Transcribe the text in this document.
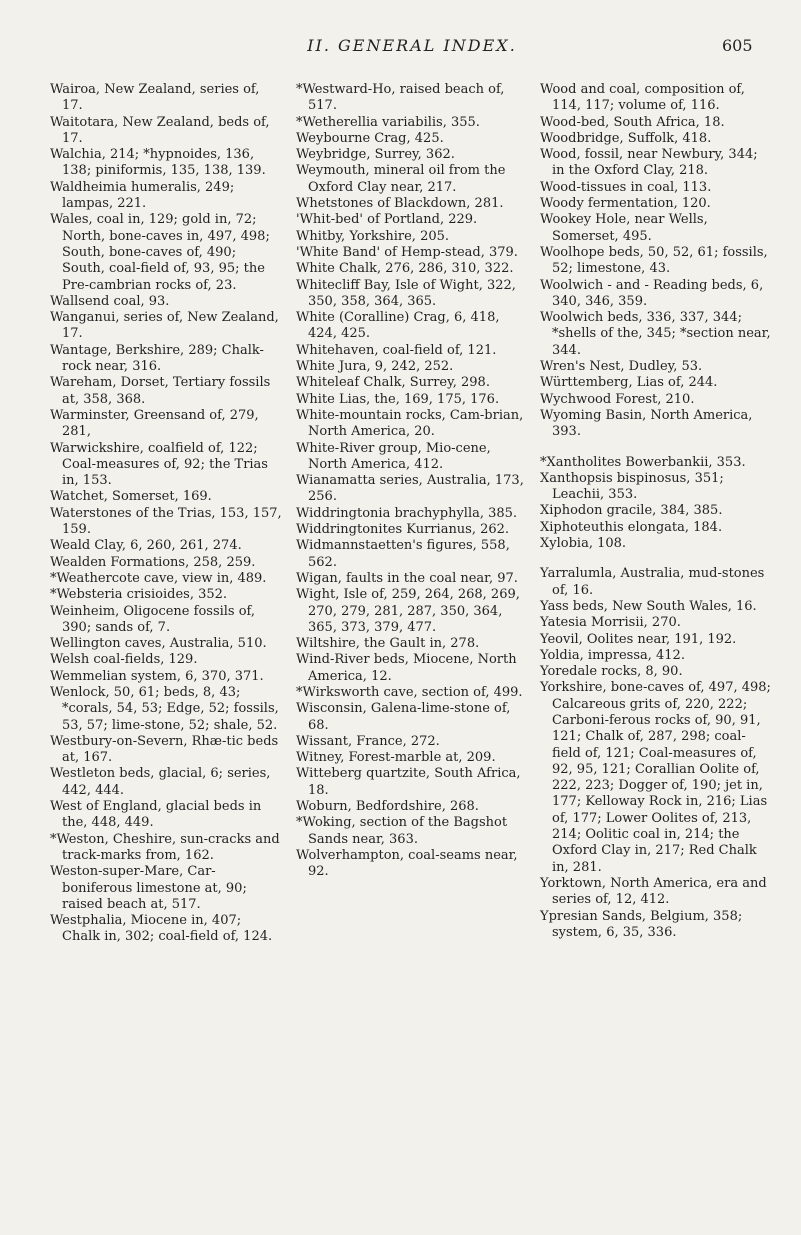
II. GENERAL INDEX.	605

Wairoa, New Zealand, series of, 17.

Waitotara, New Zealand, beds of, 17.

Walchia, 214; *hypnoides, 136, 138; piniformis, 135, 138, 139.

Waldheimia humeralis, 249; lampas, 221.

Wales, coal in, 129; gold in, 72; North, bone-caves in, 497, 498; South, bone-caves of, 490; South, coal-field of, 93, 95; the Pre-cambrian rocks of, 23.

Wallsend coal, 93.

Wanganui, series of, New Zealand, 17.

Wantage, Berkshire, 289; Chalk-rock near, 316.

Wareham, Dorset, Tertiary fossils at, 358, 368.

Warminster, Greensand of, 279, 281,

Warwickshire, coalfield of, 122; Coal-measures of, 92; the Trias in, 153.

Watchet, Somerset, 169.

Waterstones of the Trias, 153, 157, 159.

Weald Clay, 6, 260, 261, 274.

Wealden Formations, 258, 259.

*Weathercote cave, view in, 489.

*Websteria crisioides, 352.

Weinheim, Oligocene fossils of, 390; sands of, 7.

Wellington caves, Australia, 510.

Welsh coal-fields, 129.

Wemmelian system, 6, 370, 371.

Wenlock, 50, 61; beds, 8, 43; *corals, 54, 53; Edge, 52; fossils, 53, 57; lime-stone, 52; shale, 52.

Westbury-on-Severn, Rhæ-tic beds at, 167.

Westleton beds, glacial, 6; series, 442, 444.

West of England, glacial beds in the, 448, 449.

*Weston, Cheshire, sun-cracks and track-marks from, 162.

Weston-super-Mare, Car-boniferous limestone at, 90; raised beach at, 517.

Westphalia, Miocene in, 407; Chalk in, 302; coal-field of, 124.

*Westward-Ho, raised beach of, 517.

*Wetherellia variabilis, 355.

Weybourne Crag, 425.

Weybridge, Surrey, 362.

Weymouth, mineral oil from the Oxford Clay near, 217.

Whetstones of Blackdown, 281.

'Whit-bed' of Portland, 229.

Whitby, Yorkshire, 205.

'White Band' of Hemp-stead, 379.

White Chalk, 276, 286, 310, 322.

Whitecliff Bay, Isle of Wight, 322, 350, 358, 364, 365.

White (Coralline) Crag, 6, 418, 424, 425.

Whitehaven, coal-field of, 121.

White Jura, 9, 242, 252.

Whiteleaf Chalk, Surrey, 298.

White Lias, the, 169, 175, 176.

White-mountain rocks, Cam-brian, North America, 20.

White-River group, Mio-cene, North America, 412.

Wianamatta series, Australia, 173, 256.

Widdringtonia brachyphylla, 385.

Widdringtonites Kurrianus, 262.

Widmannstaetten's figures, 558, 562.

Wigan, faults in the coal near, 97.

Wight, Isle of, 259, 264, 268, 269, 270, 279, 281, 287, 350, 364, 365, 373, 379, 477.

Wiltshire, the Gault in, 278.

Wind-River beds, Miocene, North America, 12.

*Wirksworth cave, section of, 499.

Wisconsin, Galena-lime-stone of, 68.

Wissant, France, 272.

Witney, Forest-marble at, 209.

Witteberg quartzite, South Africa, 18.

Woburn, Bedfordshire, 268.

*Woking, section of the Bagshot Sands near, 363.

Wolverhampton, coal-seams near, 92.

Wood and coal, composition of, 114, 117; volume of, 116.

Wood-bed, South Africa, 18.

Woodbridge, Suffolk, 418.

Wood, fossil, near Newbury, 344; in the Oxford Clay, 218.

Wood-tissues in coal, 113.

Woody fermentation, 120.

Wookey Hole, near Wells, Somerset, 495.

Woolhope beds, 50, 52, 61; fossils, 52; limestone, 43.

Woolwich - and - Reading beds, 6, 340, 346, 359.

Woolwich beds, 336, 337, 344; *shells of the, 345; *section near, 344.

Wren's Nest, Dudley, 53.

Württemberg, Lias of, 244.

Wychwood Forest, 210.

Wyoming Basin, North America, 393.

*Xantholites Bowerbankii, 353.

Xanthopsis bispinosus, 351; Leachii, 353.

Xiphodon gracile, 384, 385.

Xiphoteuthis elongata, 184.

Xylobia, 108.

Yarralumla, Australia, mud-stones of, 16.

Yass beds, New South Wales, 16.

Yatesia Morrisii, 270.

Yeovil, Oolites near, 191, 192.

Yoldia, impressa, 412.

Yoredale rocks, 8, 90.

Yorkshire, bone-caves of, 497, 498; Calcareous grits of, 220, 222; Carboni-ferous rocks of, 90, 91, 121; Chalk of, 287, 298; coal-field of, 121; Coal-measures of, 92, 95, 121; Corallian Oolite of, 222, 223; Dogger of, 190; jet in, 177; Kelloway Rock in, 216; Lias of, 177; Lower Oolites of, 213, 214; Oolitic coal in, 214; the Oxford Clay in, 217; Red Chalk in, 281.

Yorktown, North America, era and series of, 12, 412.

Ypresian Sands, Belgium, 358; system, 6, 35, 336.
